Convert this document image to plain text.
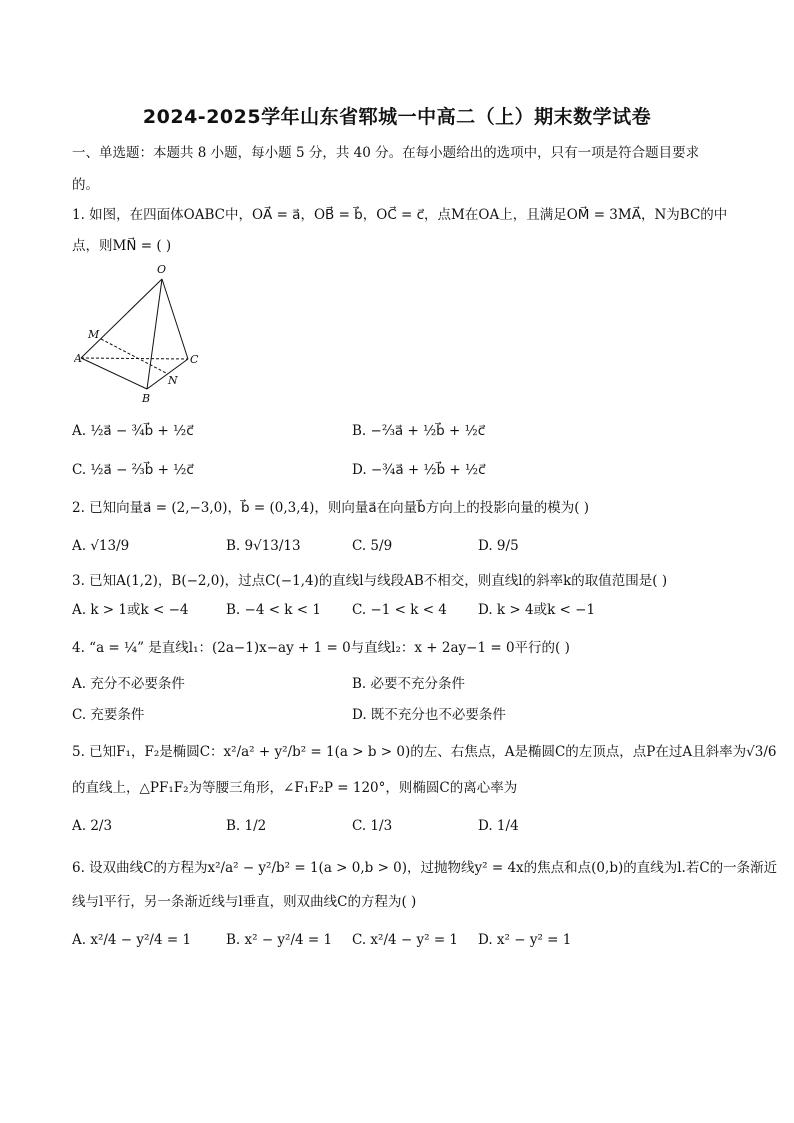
2024-2025学年山东省郓城一中高二（上）期末数学试卷
一、单选题：本题共 8 小题，每小题 5 分，共 40 分。在每小题给出的选项中，只有一项是符合题目要求
的。
1. 如图，在四面体OABC中，OA⃗ = a⃗，OB⃗ = b⃗，OC⃗ = c⃗，点M在OA上，且满足OM⃗ = 3MA⃗，N为BC的中
点，则MN⃗ = ( )
O
M
A	C
N
B
A. ½a⃗ − ¾b⃗ + ½c⃗	B. −⅔a⃗ + ½b⃗ + ½c⃗
C. ½a⃗ − ⅔b⃗ + ½c⃗	D. −¾a⃗ + ½b⃗ + ½c⃗
2. 已知向量a⃗ = (2,−3,0)，b⃗ = (0,3,4)，则向量a⃗在向量b⃗方向上的投影向量的模为( )
A. √13/9	B. 9√13/13	C. 5/9	D. 9/5
3. 已知A(1,2)，B(−2,0)，过点C(−1,4)的直线l与线段AB不相交，则直线l的斜率k的取值范围是( )
A. k > 1或k < −4	B. −4 < k < 1 C. −1 < k < 4 D. k > 4或k < −1
4. “a = ¼” 是直线l₁：(2a−1)x−ay + 1 = 0与直线l₂：x + 2ay−1 = 0平行的( )
A. 充分不必要条件	B. 必要不充分条件
C. 充要条件	D. 既不充分也不必要条件
5. 已知F₁，F₂是椭圆C：x²/a² + y²/b² = 1(a > b > 0)的左、右焦点，A是椭圆C的左顶点，点P在过A且斜率为√3/6
的直线上，△PF₁F₂为等腰三角形，∠F₁F₂P = 120°，则椭圆C的离心率为
A. 2/3	B. 1/2	C. 1/3	D. 1/4
6. 设双曲线C的方程为x²/a² − y²/b² = 1(a > 0,b > 0)，过抛物线y² = 4x的焦点和点(0,b)的直线为l.若C的一条渐近
线与l平行，另一条渐近线与l垂直，则双曲线C的方程为( )
A. x²/4 − y²/4 = 1	B. x² − y²/4 = 1 C. x²/4 − y² = 1 D. x² − y² = 1
